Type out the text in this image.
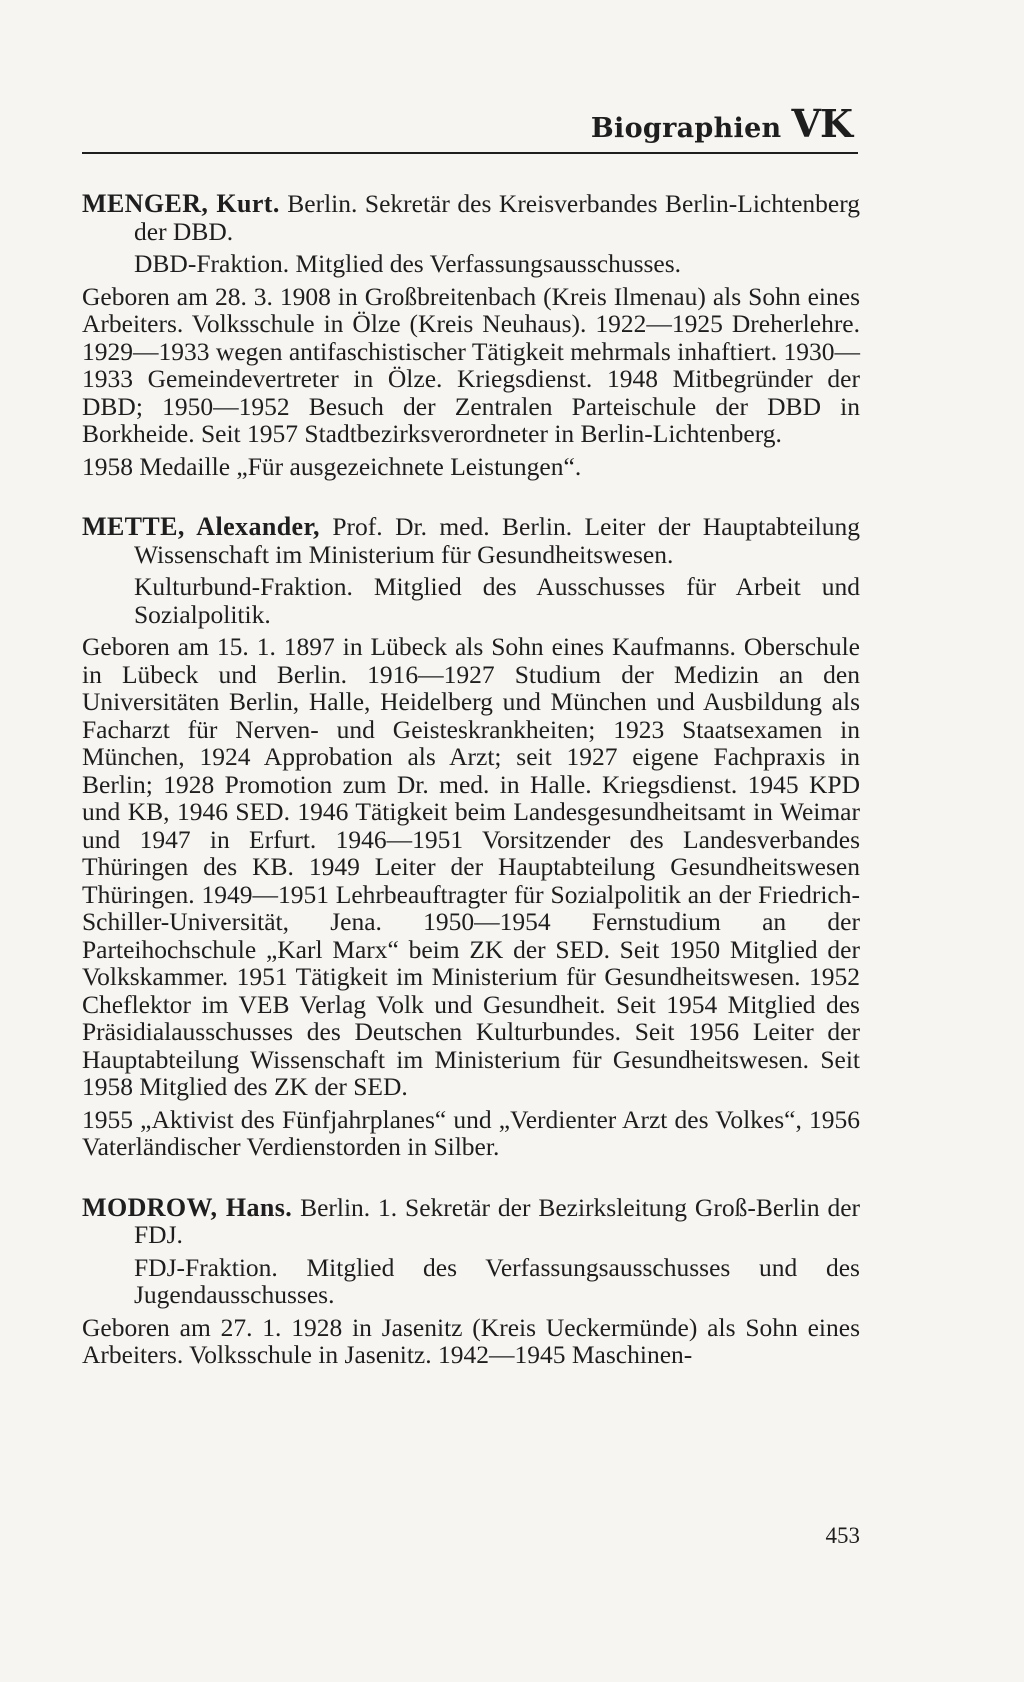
Biographien VK

MENGER, Kurt. Berlin. Sekretär des Kreisverbandes Berlin-Lichtenberg der DBD.

DBD-Fraktion. Mitglied des Verfassungsausschusses.

Geboren am 28. 3. 1908 in Großbreitenbach (Kreis Ilmenau) als Sohn eines Arbeiters. Volksschule in Ölze (Kreis Neuhaus). 1922—1925 Dreherlehre. 1929—1933 wegen antifaschistischer Tätigkeit mehrmals inhaftiert. 1930—1933 Gemeindevertreter in Ölze. Kriegsdienst. 1948 Mitbegründer der DBD; 1950—1952 Besuch der Zentralen Parteischule der DBD in Borkheide. Seit 1957 Stadtbezirksverordneter in Berlin-Lichtenberg.

1958 Medaille „Für ausgezeichnete Leistungen“.

METTE, Alexander, Prof. Dr. med. Berlin. Leiter der Hauptabteilung Wissenschaft im Ministerium für Gesundheitswesen.

Kulturbund-Fraktion. Mitglied des Ausschusses für Arbeit und Sozialpolitik.

Geboren am 15. 1. 1897 in Lübeck als Sohn eines Kaufmanns. Oberschule in Lübeck und Berlin. 1916—1927 Studium der Medizin an den Universitäten Berlin, Halle, Heidelberg und München und Ausbildung als Facharzt für Nerven- und Geisteskrankheiten; 1923 Staatsexamen in München, 1924 Approbation als Arzt; seit 1927 eigene Fachpraxis in Berlin; 1928 Promotion zum Dr. med. in Halle. Kriegsdienst. 1945 KPD und KB, 1946 SED. 1946 Tätigkeit beim Landesgesundheitsamt in Weimar und 1947 in Erfurt. 1946—1951 Vorsitzender des Landesverbandes Thüringen des KB. 1949 Leiter der Hauptabteilung Gesundheitswesen Thüringen. 1949—1951 Lehrbeauftragter für Sozialpolitik an der Friedrich-Schiller-Universität, Jena. 1950—1954 Fernstudium an der Parteihochschule „Karl Marx“ beim ZK der SED. Seit 1950 Mitglied der Volkskammer. 1951 Tätigkeit im Ministerium für Gesundheitswesen. 1952 Cheflektor im VEB Verlag Volk und Gesundheit. Seit 1954 Mitglied des Präsidialausschusses des Deutschen Kulturbundes. Seit 1956 Leiter der Hauptabteilung Wissenschaft im Ministerium für Gesundheitswesen. Seit 1958 Mitglied des ZK der SED.

1955 „Aktivist des Fünfjahrplanes“ und „Verdienter Arzt des Volkes“, 1956 Vaterländischer Verdienstorden in Silber.

MODROW, Hans. Berlin. 1. Sekretär der Bezirksleitung Groß-Berlin der FDJ.

FDJ-Fraktion. Mitglied des Verfassungsausschusses und des Jugendausschusses.

Geboren am 27. 1. 1928 in Jasenitz (Kreis Ueckermünde) als Sohn eines Arbeiters. Volksschule in Jasenitz. 1942—1945 Maschinen-

453
